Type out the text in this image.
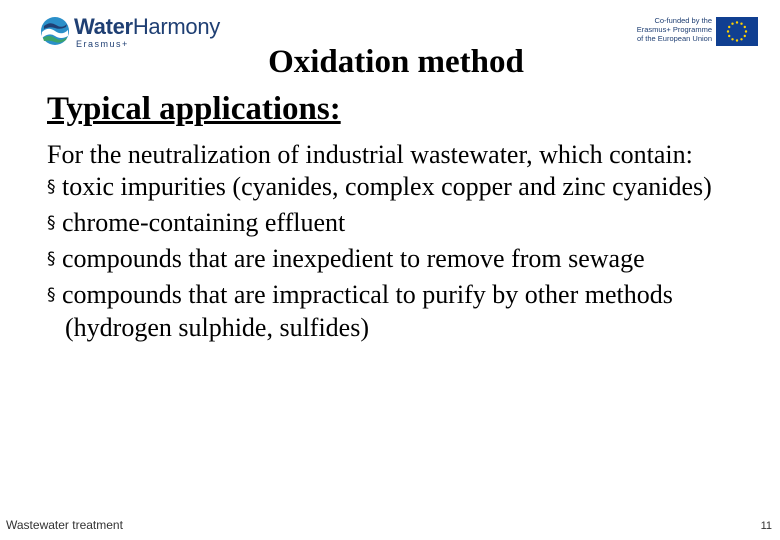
WaterHarmony
Erasmus+
Co-funded by the
Erasmus+ Programme
of the European Union
Oxidation method
Typical applications:

For the neutralization of industrial wastewater, which contain:

§ toxic impurities (cyanides, complex copper and zinc cyanides)

§ chrome-containing effluent

§ compounds that are inexpedient to remove from sewage

§ compounds that are impractical to purify by other methods (hydrogen sulphide, sulfides)

Wastewater treatment	11
